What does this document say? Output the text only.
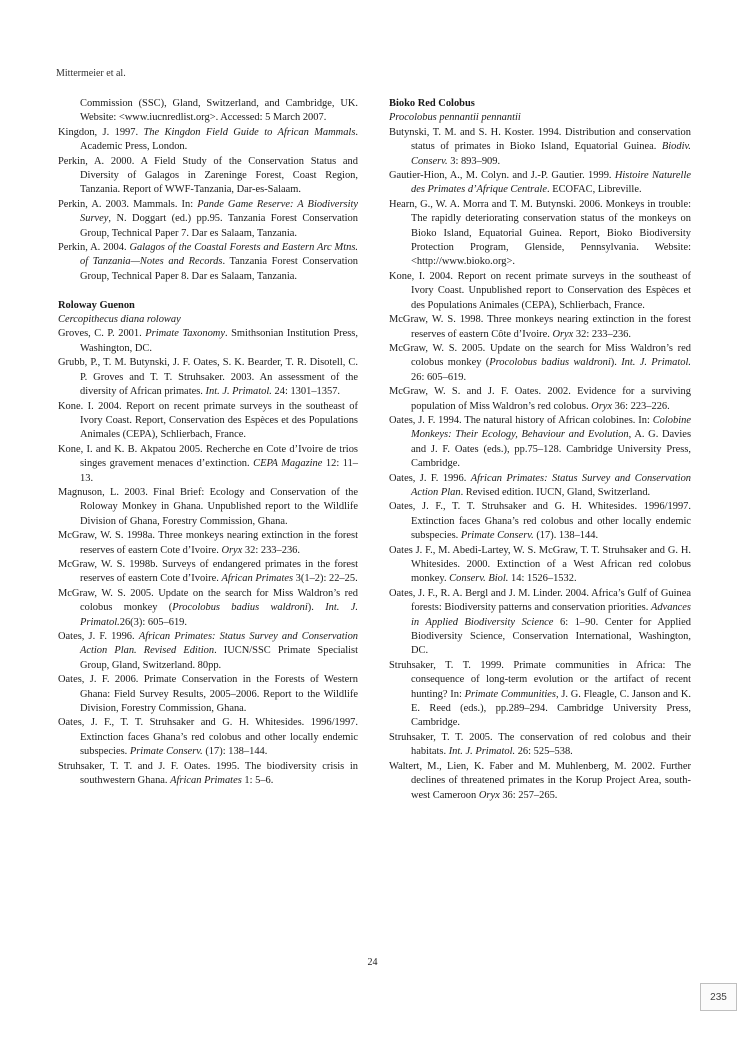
Mittermeier et al.

Commission (SSC), Gland, Switzerland, and Cambridge, UK. Website: <www.iucnredlist.org>. Accessed: 5 March 2007.

Kingdon, J. 1997. The Kingdon Field Guide to African Mammals. Academic Press, London.

Perkin, A. 2000. A Field Study of the Conservation Status and Diversity of Galagos in Zareninge Forest, Coast Region, Tanzania. Report of WWF-Tanzania, Dar-es-Salaam.

Perkin, A. 2003. Mammals. In: Pande Game Reserve: A Biodiversity Survey, N. Doggart (ed.) pp.95. Tanzania Forest Conservation Group, Technical Paper 7. Dar es Salaam, Tanzania.

Perkin, A. 2004. Galagos of the Coastal Forests and Eastern Arc Mtns. of Tanzania—Notes and Records. Tanzania Forest Conservation Group, Technical Paper 8. Dar es Salaam, Tanzania.

Roloway Guenon

Cercopithecus diana roloway

Groves, C. P. 2001. Primate Taxonomy. Smithsonian Institution Press, Washington, DC.

Grubb, P., T. M. Butynski, J. F. Oates, S. K. Bearder, T. R. Disotell, C. P. Groves and T. T. Struhsaker. 2003. An assessment of the diversity of African primates. Int. J. Primatol. 24: 1301–1357.

Kone. I. 2004. Report on recent primate surveys in the southeast of Ivory Coast. Report, Conservation des Espèces et des Populations Animales (CEPA), Schlierbach, France.

Kone, I. and K. B. Akpatou 2005. Recherche en Cote d’Ivoire de trios singes gravement menaces d’extinction. CEPA Magazine 12: 11–13.

Magnuson, L. 2003. Final Brief: Ecology and Conservation of the Roloway Monkey in Ghana. Unpublished report to the Wildlife Division of Ghana, Forestry Commission, Ghana.

McGraw, W. S. 1998a. Three monkeys nearing extinction in the forest reserves of eastern Cote d’Ivoire. Oryx 32: 233–236.

McGraw, W. S. 1998b. Surveys of endangered primates in the forest reserves of eastern Cote d’Ivoire. African Primates 3(1–2): 22–25.

McGraw, W. S. 2005. Update on the search for Miss Waldron’s red colobus monkey (Procolobus badius waldroni). Int. J. Primatol.26(3): 605–619.

Oates, J. F. 1996. African Primates: Status Survey and Conservation Action Plan. Revised Edition. IUCN/SSC Primate Specialist Group, Gland, Switzerland. 80pp.

Oates, J. F. 2006. Primate Conservation in the Forests of Western Ghana: Field Survey Results, 2005–2006. Report to the Wildlife Division, Forestry Commission, Ghana.

Oates, J. F., T. T. Struhsaker and G. H. Whitesides. 1996/1997. Extinction faces Ghana’s red colobus and other locally endemic subspecies. Primate Conserv. (17): 138–144.

Struhsaker, T. T. and J. F. Oates. 1995. The biodiversity crisis in southwestern Ghana. African Primates 1: 5–6.

Bioko Red Colobus

Procolobus pennantii pennantii

Butynski, T. M. and S. H. Koster. 1994. Distribution and conservation status of primates in Bioko Island, Equatorial Guinea. Biodiv. Conserv. 3: 893–909.

Gautier-Hion, A., M. Colyn. and J.-P. Gautier. 1999. Histoire Naturelle des Primates d’Afrique Centrale. ECOFAC, Libreville.

Hearn, G., W. A. Morra and T. M. Butynski. 2006. Monkeys in trouble: The rapidly deteriorating conservation status of the monkeys on Bioko Island, Equatorial Guinea. Report, Bioko Biodiversity Protection Program, Glenside, Pennsylvania. Website: <http://www.bioko.org>.

Kone, I. 2004. Report on recent primate surveys in the southeast of Ivory Coast. Unpublished report to Conservation des Espèces et des Populations Animales (CEPA), Schlierbach, France.

McGraw, W. S. 1998. Three monkeys nearing extinction in the forest reserves of eastern Côte d’Ivoire. Oryx 32: 233–236.

McGraw, W. S. 2005. Update on the search for Miss Waldron’s red colobus monkey (Procolobus badius waldroni). Int. J. Primatol. 26: 605–619.

McGraw, W. S. and J. F. Oates. 2002. Evidence for a surviving population of Miss Waldron’s red colobus. Oryx 36: 223–226.

Oates, J. F. 1994. The natural history of African colobines. In: Colobine Monkeys: Their Ecology, Behaviour and Evolution, A. G. Davies and J. F. Oates (eds.), pp.75–128. Cambridge University Press, Cambridge.

Oates, J. F. 1996. African Primates: Status Survey and Conservation Action Plan. Revised edition. IUCN, Gland, Switzerland.

Oates, J. F., T. T. Struhsaker and G. H. Whitesides. 1996/1997. Extinction faces Ghana’s red colobus and other locally endemic subspecies. Primate Conserv. (17). 138–144.

Oates J. F., M. Abedi-Lartey, W. S. McGraw, T. T. Struhsaker and G. H. Whitesides. 2000. Extinction of a West African red colobus monkey. Conserv. Biol. 14: 1526–1532.

Oates, J. F., R. A. Bergl and J. M. Linder. 2004. Africa’s Gulf of Guinea forests: Biodiversity patterns and conservation priorities. Advances in Applied Biodiversity Science 6: 1–90. Center for Applied Biodiversity Science, Conservation International, Washington, DC.

Struhsaker, T. T. 1999. Primate communities in Africa: The consequence of long-term evolution or the artifact of recent hunting? In: Primate Communities, J. G. Fleagle, C. Janson and K. E. Reed (eds.), pp.289–294. Cambridge University Press, Cambridge.

Struhsaker, T. T. 2005. The conservation of red colobus and their habitats. Int. J. Primatol. 26: 525–538.

Waltert, M., Lien, K. Faber and M. Muhlenberg, M. 2002. Further declines of threatened primates in the Korup Project Area, south-west Cameroon Oryx 36: 257–265.

24
235
